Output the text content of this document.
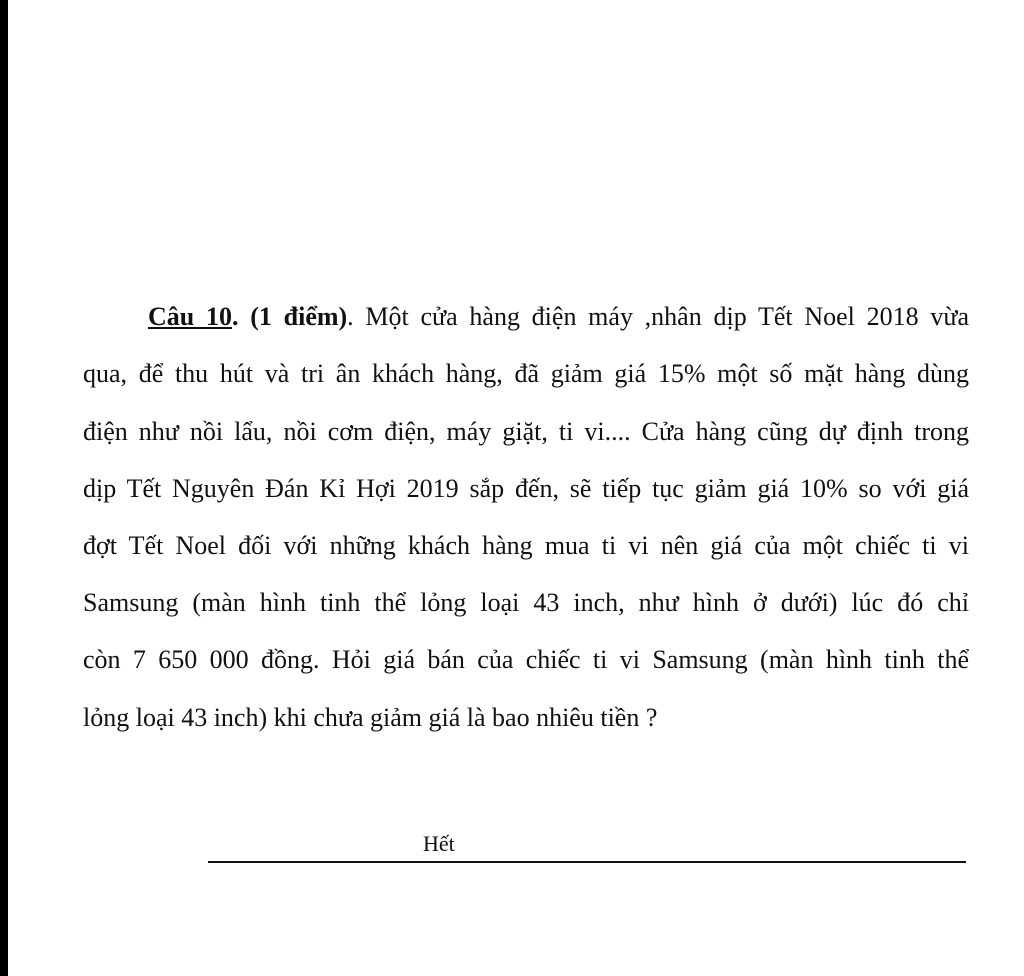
Câu 10. (1 điểm). Một cửa hàng điện máy ,nhân dịp Tết Noel 2018 vừa
qua, để thu hút và tri ân khách hàng, đã giảm giá 15% một số mặt hàng dùng
điện như nồi lẩu, nồi cơm điện, máy giặt, ti vi.... Cửa hàng cũng dự định trong
dịp Tết Nguyên Đán Kỉ Hợi 2019 sắp đến, sẽ tiếp tục giảm giá 10% so với giá
đợt Tết Noel đối với những khách hàng mua ti vi nên giá của một chiếc ti vi
Samsung (màn hình tinh thể lỏng loại 43 inch, như hình ở dưới) lúc đó chỉ
còn 7 650 000 đồng. Hỏi giá bán của chiếc ti vi Samsung (màn hình tinh thể
lỏng loại 43 inch) khi chưa giảm giá là bao nhiêu tiền ?
Hết
